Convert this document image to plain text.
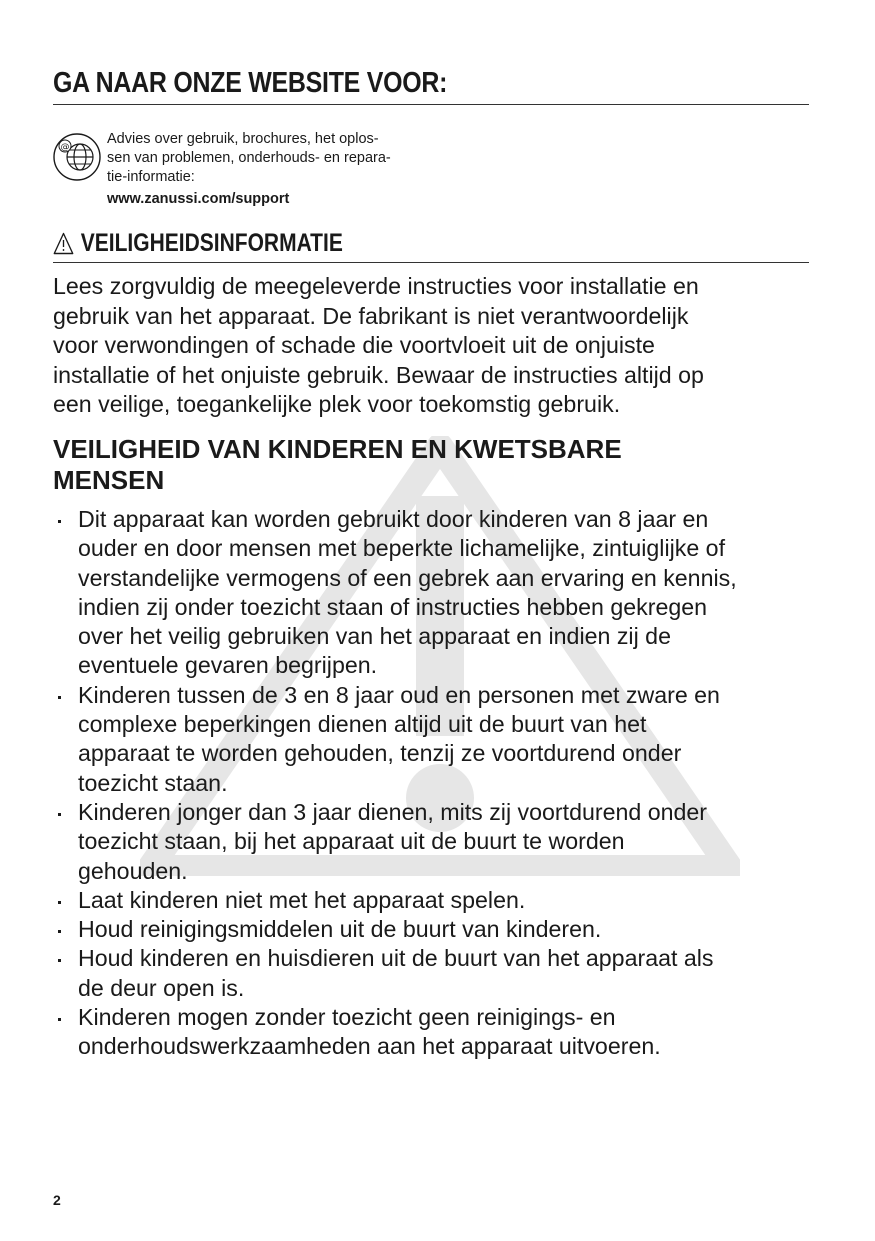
GA NAAR ONZE WEBSITE VOOR:
@
Advies over gebruik, brochures, het oplos-
sen van problemen, onderhouds- en repara-
tie-informatie:
www.zanussi.com/support
VEILIGHEIDSINFORMATIE
Lees zorgvuldig de meegeleverde instructies voor installatie en
gebruik van het apparaat. De fabrikant is niet verantwoordelijk
voor verwondingen of schade die voortvloeit uit de onjuiste
installatie of het onjuiste gebruik. Bewaar de instructies altijd op
een veilige, toegankelijke plek voor toekomstig gebruik.
VEILIGHEID VAN KINDEREN EN KWETSBARE
MENSEN
Dit apparaat kan worden gebruikt door kinderen van 8 jaar en
ouder en door mensen met beperkte lichamelijke, zintuiglijke of
verstandelijke vermogens of een gebrek aan ervaring en kennis,
indien zij onder toezicht staan of instructies hebben gekregen
over het veilig gebruiken van het apparaat en indien zij de
eventuele gevaren begrijpen.
Kinderen tussen de 3 en 8 jaar oud en personen met zware en
complexe beperkingen dienen altijd uit de buurt van het
apparaat te worden gehouden, tenzij ze voortdurend onder
toezicht staan.
Kinderen jonger dan 3 jaar dienen, mits zij voortdurend onder
toezicht staan, bij het apparaat uit de buurt te worden
gehouden.
Laat kinderen niet met het apparaat spelen.
Houd reinigingsmiddelen uit de buurt van kinderen.
Houd kinderen en huisdieren uit de buurt van het apparaat als
de deur open is.
Kinderen mogen zonder toezicht geen reinigings- en
onderhoudswerkzaamheden aan het apparaat uitvoeren.
2
